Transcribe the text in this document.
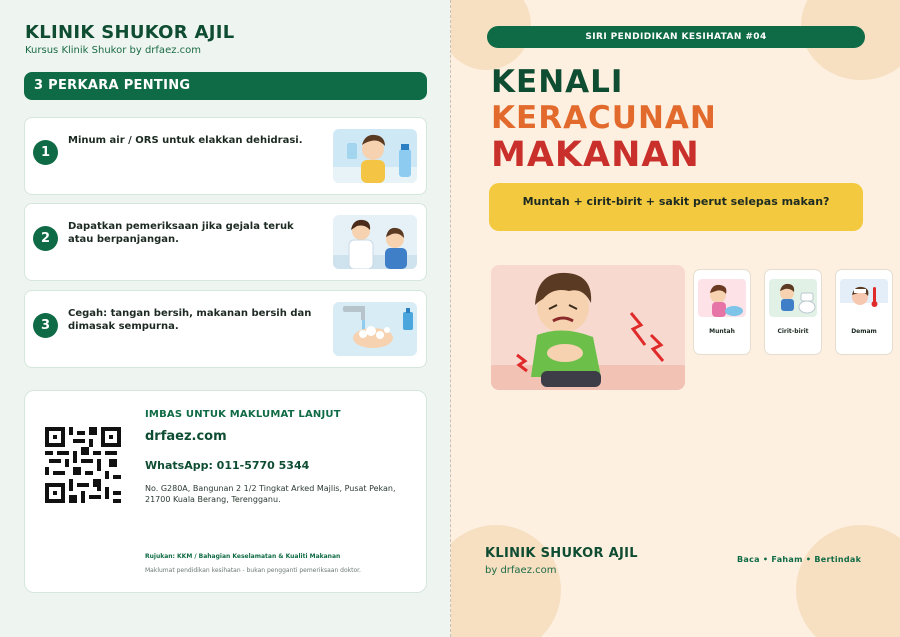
KLINIK SHUKOR AJIL
Kursus Klinik Shukor by drfaez.com
3 PERKARA PENTING
1
Minum air / ORS untuk elakkan dehidrasi.
2
Dapatkan pemeriksaan jika gejala teruk atau berpanjangan.
3
Cegah: tangan bersih, makanan bersih dan dimasak sempurna.
IMBAS UNTUK MAKLUMAT LANJUT
drfaez.com
WhatsApp: 011-5770 5344
No. G280A, Bangunan 2 1/2 Tingkat Arked Majlis, Pusat Pekan, 21700 Kuala Berang, Terengganu.
Rujukan: KKM / Bahagian Keselamatan & Kualiti Makanan
Maklumat pendidikan kesihatan - bukan pengganti pemeriksaan doktor.
SIRI PENDIDIKAN KESIHATAN #04
KENALI
KERACUNAN
MAKANAN
Muntah + cirit-birit + sakit perut selepas makan?
Muntah	Cirit-birit	Demam
KLINIK SHUKOR AJIL
by drfaez.com
Baca • Faham • Bertindak
